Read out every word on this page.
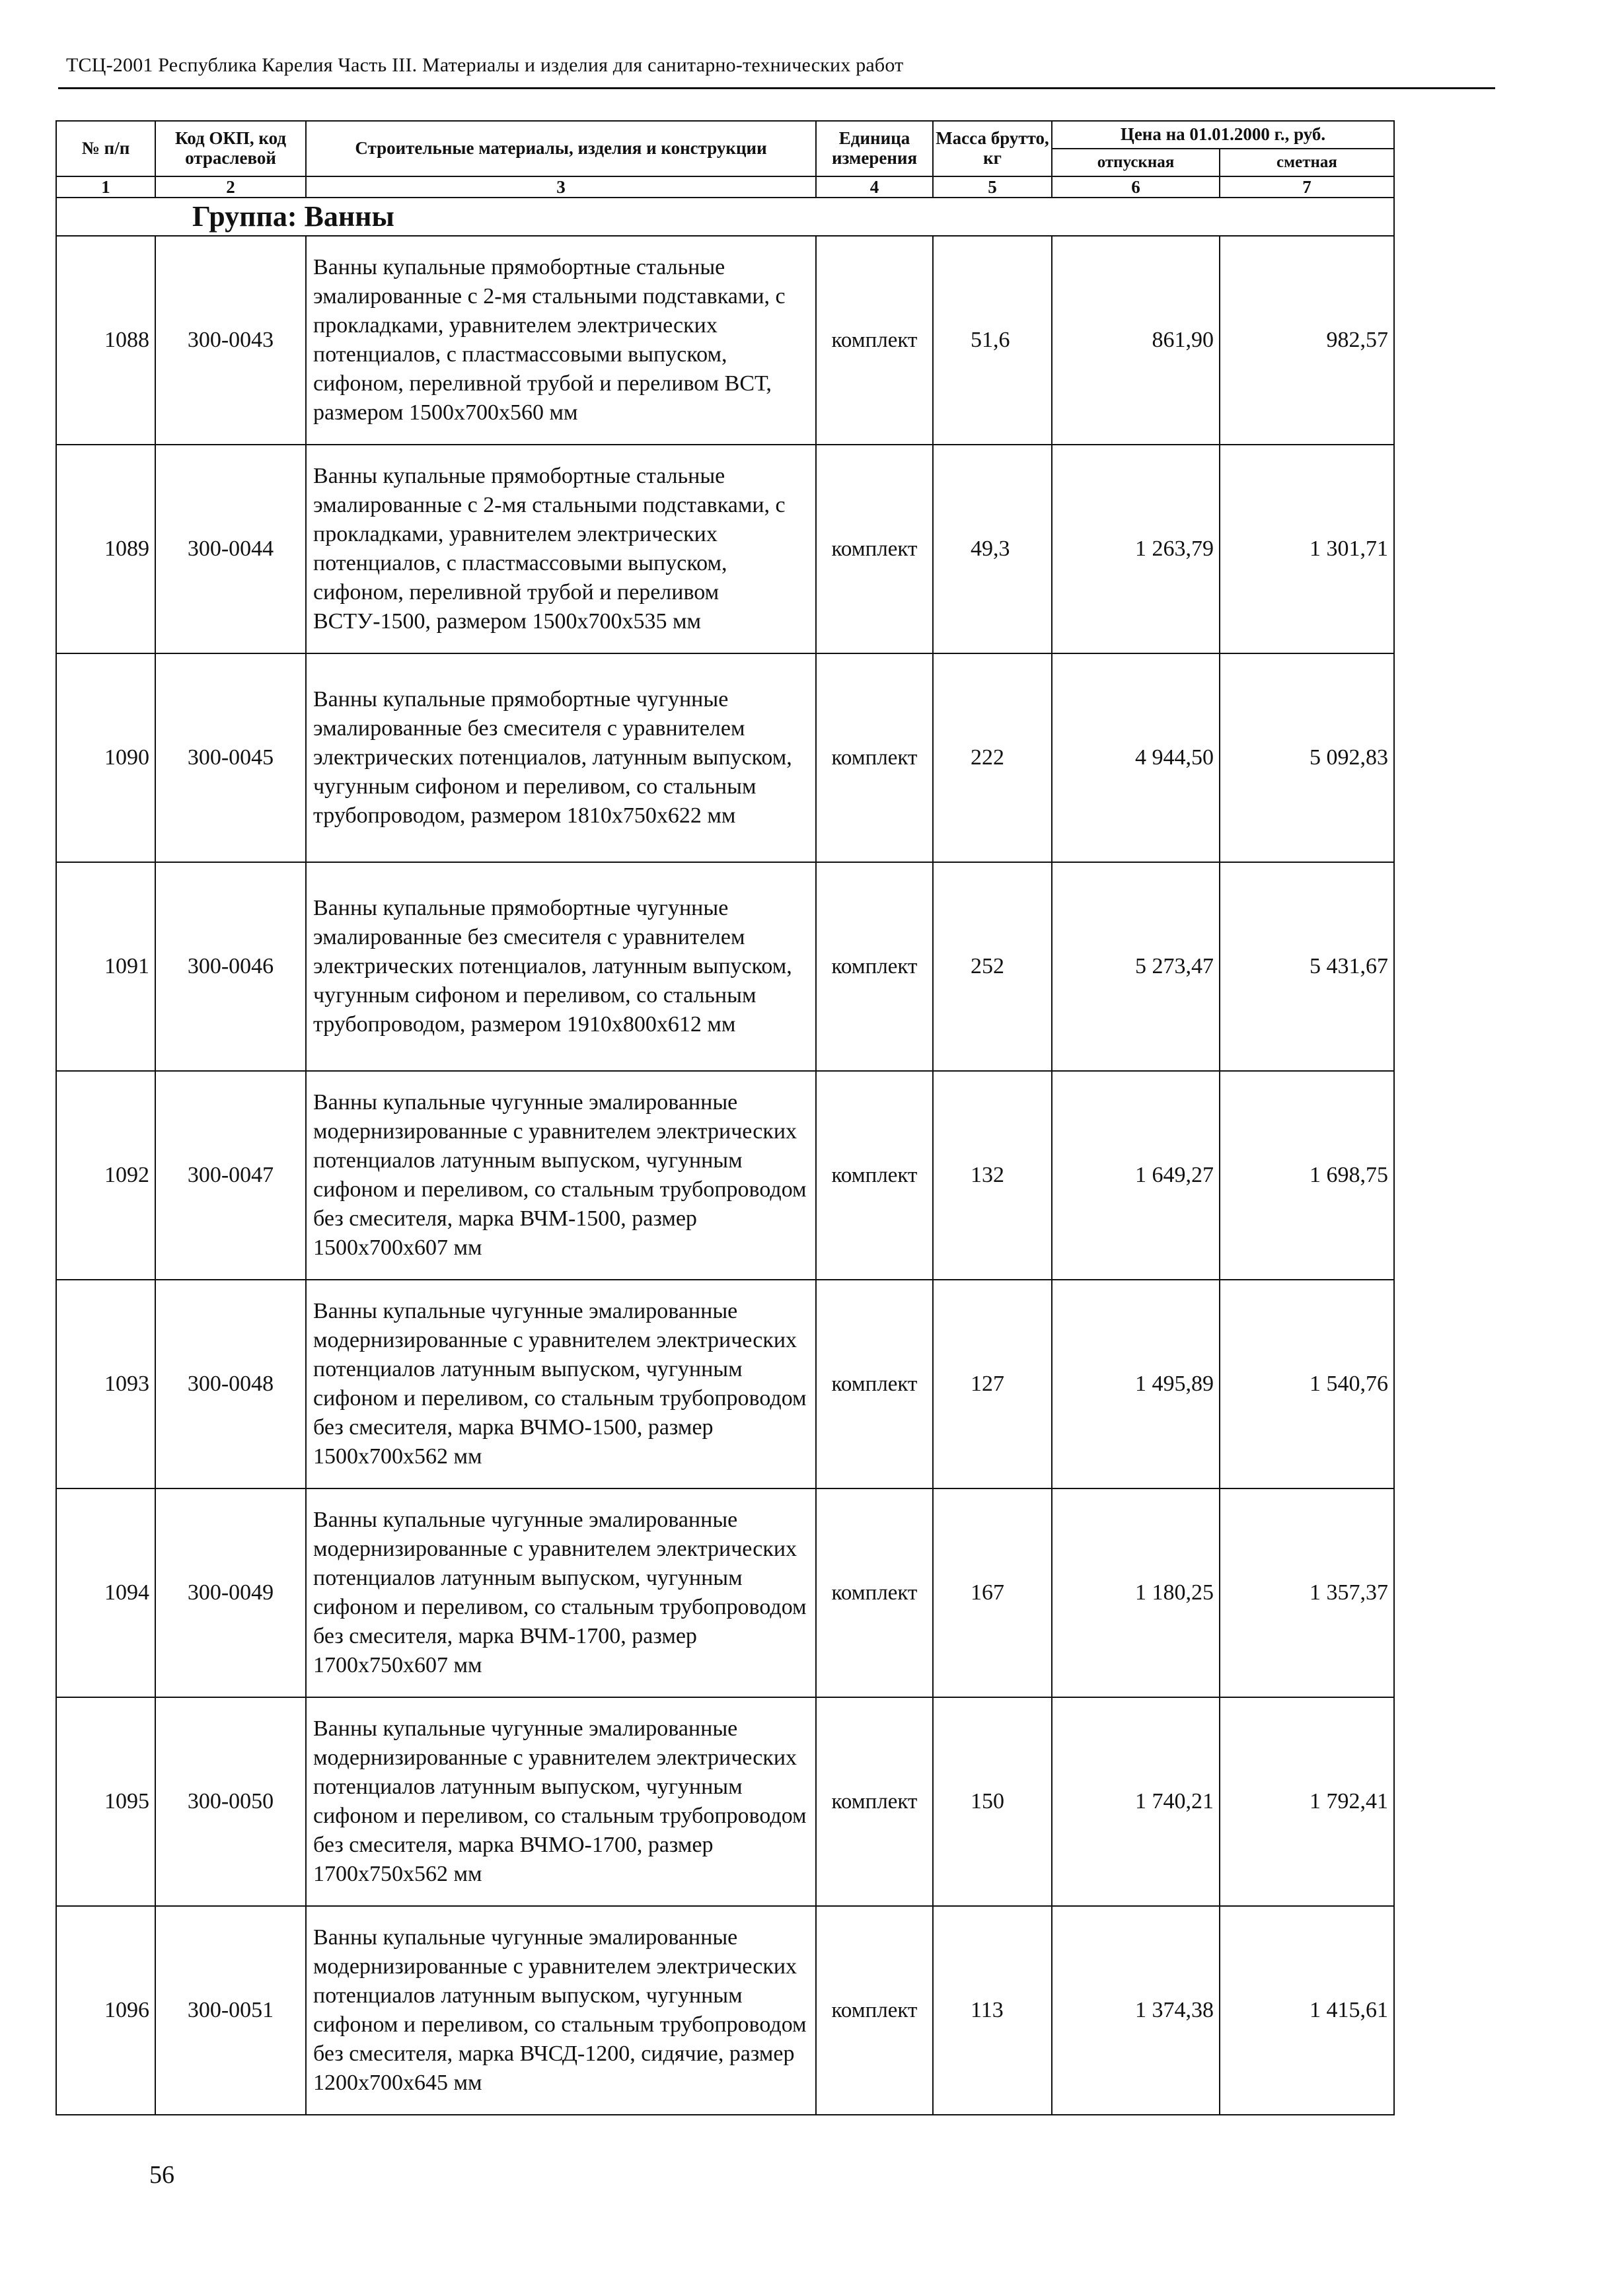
ТСЦ-2001 Республика Карелия Часть III. Материалы и изделия для санитарно-технических работ
№ п/п	Код ОКП, код отраслевой	Строительные материалы, изделия и конструкции	Единица измерения	Масса брутто, кг	Цена на 01.01.2000 г., руб.	
					отпускная	сметная
1	2	3	4	5	6	7
Группа: Ванны						
1088	300-0043	Ванны купальные прямобортные стальные эмалированные с 2-мя стальными подставками, с прокладками, уравнителем электрических потенциалов, с пластмассовыми выпуском, сифоном, переливной трубой и переливом ВСТ, размером 1500х700х560 мм	комплект	51,6	861,90	982,57
1089	300-0044	Ванны купальные прямобортные стальные эмалированные с 2-мя стальными подставками, с прокладками, уравнителем электрических потенциалов, с пластмассовыми выпуском, сифоном, переливной трубой и переливом ВСТУ-1500, размером 1500х700х535 мм	комплект	49,3	1 263,79	1 301,71
1090	300-0045	Ванны купальные прямобортные чугунные эмалированные без смесителя с уравнителем электрических потенциалов, латунным выпуском, чугунным сифоном и переливом, со стальным трубопроводом, размером 1810х750х622 мм	комплект	222	4 944,50	5 092,83
1091	300-0046	Ванны купальные прямобортные чугунные эмалированные без смесителя с уравнителем электрических потенциалов, латунным выпуском, чугунным сифоном и переливом, со стальным трубопроводом, размером 1910х800х612 мм	комплект	252	5 273,47	5 431,67
1092	300-0047	Ванны купальные чугунные эмалированные модернизированные с уравнителем электрических потенциалов латунным выпуском, чугунным сифоном и переливом, со стальным трубопроводом без смесителя, марка ВЧМ-1500, размер 1500х700х607 мм	комплект	132	1 649,27	1 698,75
1093	300-0048	Ванны купальные чугунные эмалированные модернизированные с уравнителем электрических потенциалов латунным выпуском, чугунным сифоном и переливом, со стальным трубопроводом без смесителя, марка ВЧМО-1500, размер 1500х700х562 мм	комплект	127	1 495,89	1 540,76
1094	300-0049	Ванны купальные чугунные эмалированные модернизированные с уравнителем электрических потенциалов латунным выпуском, чугунным сифоном и переливом, со стальным трубопроводом без смесителя, марка ВЧМ-1700, размер 1700х750х607 мм	комплект	167	1 180,25	1 357,37
1095	300-0050	Ванны купальные чугунные эмалированные модернизированные с уравнителем электрических потенциалов латунным выпуском, чугунным сифоном и переливом, со стальным трубопроводом без смесителя, марка ВЧМО-1700, размер 1700х750х562 мм	комплект	150	1 740,21	1 792,41
1096	300-0051	Ванны купальные чугунные эмалированные модернизированные с уравнителем электрических потенциалов латунным выпуском, чугунным сифоном и переливом, со стальным трубопроводом без смесителя, марка ВЧСД-1200, сидячие, размер 1200х700х645 мм	комплект	113	1 374,38	1 415,61
56
